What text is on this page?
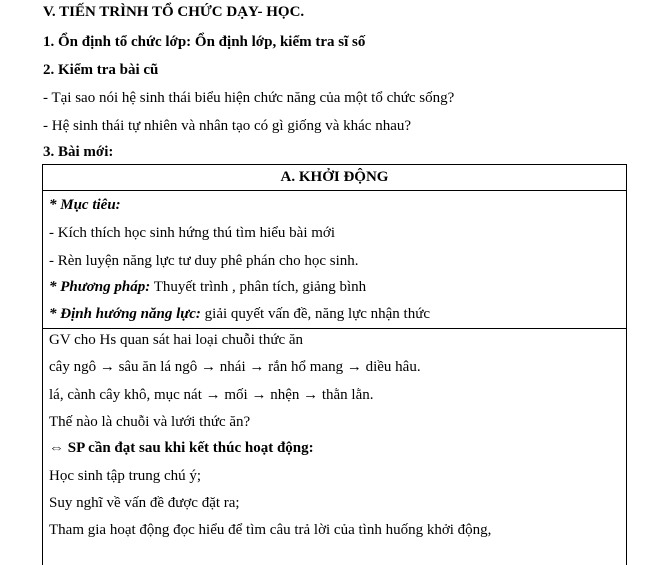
V. TIẾN TRÌNH TỔ CHỨC DẠY- HỌC.
1. Ổn định tổ chức lớp: Ổn định lớp, kiểm tra sĩ số
2. Kiểm tra bài cũ
- Tại sao nói hệ sinh thái biểu hiện chức năng của một tổ chức sống?
- Hệ sinh thái tự nhiên và nhân tạo có gì giống và khác nhau?
3. Bài mới:
A. KHỞI ĐỘNG
* Mục tiêu:
- Kích thích học sinh hứng thú tìm hiểu bài mới
- Rèn luyện năng lực tư duy phê phán cho học sinh.
* Phương pháp: Thuyết trình , phân tích, giảng bình
* Định hướng năng lực: giải quyết vấn đề, năng lực nhận thức
GV cho Hs quan sát hai loại chuỗi thức ăn
cây ngô → sâu ăn lá ngô → nhái → rắn hổ mang → diều hâu.
lá, cành cây khô, mục nát → mối → nhện → thằn lằn.
Thế nào là chuỗi và lưới thức ăn?
⇔ SP cần đạt sau khi kết thúc hoạt động:
Học sinh tập trung chú ý;
Suy nghĩ về vấn đề được đặt ra;
Tham gia hoạt động đọc hiểu để tìm câu trả lời của tình huống khởi động,
